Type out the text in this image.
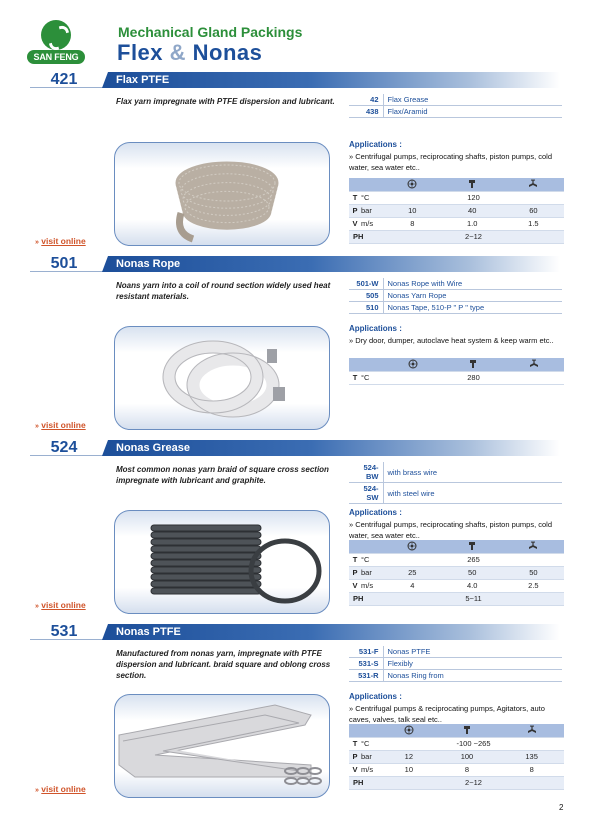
SAN FENG
Mechanical Gland Packings
Flex & Nonas
421	Flax PTFE
Flax yarn impregnate with PTFE dispersion and lubricant.	42	Flax Grease
438	Flax/Aramid
Applications :
» Centrifugal pumps, reciprocating shafts, piston pumps, cold water, sea water etc..

T	°C	120		
P	bar	10	40	60
V	m/s	8	1.0	1.5
PH		2~12		
» visit online
501	Nonas Rope
Noans yarn into a coil of round section widely used heat resistant materials.
501-W	Nonas Rope with Wire
505	Nonas Yarn Rope
510	Nonas Tape, 510-P " P " type
Applications :
» Dry door, dumper, autoclave heat system & keep warm etc..

T	°C	280		
» visit online
524	Nonas Grease
Most common nonas yarn braid of square cross section impregnate with lubricant and graphite.
524-BW	with brass wire
524-SW	with steel wire
Applications :
» Centrifugal pumps, reciprocating shafts, piston pumps, cold water, sea water etc..

T	°C	265		
P	bar	25	50	50
V	m/s	4	4.0	2.5
PH		5~11		
» visit online
531	Nonas PTFE
Manufactured from nonas yarn, impregnate with PTFE dispersion and lubricant. braid square and oblong cross section.
531-F	Nonas PTFE
531-S	Flexibly
531-R	Nonas Ring from
Applications :
» Centrifugal pumps & reciprocating pumps, Agitators, auto caves, valves, talk seal etc..

T	°C	-100 ~265		
P	bar	12	100	135
V	m/s	10	8	8
PH		2~12		
» visit online
2
